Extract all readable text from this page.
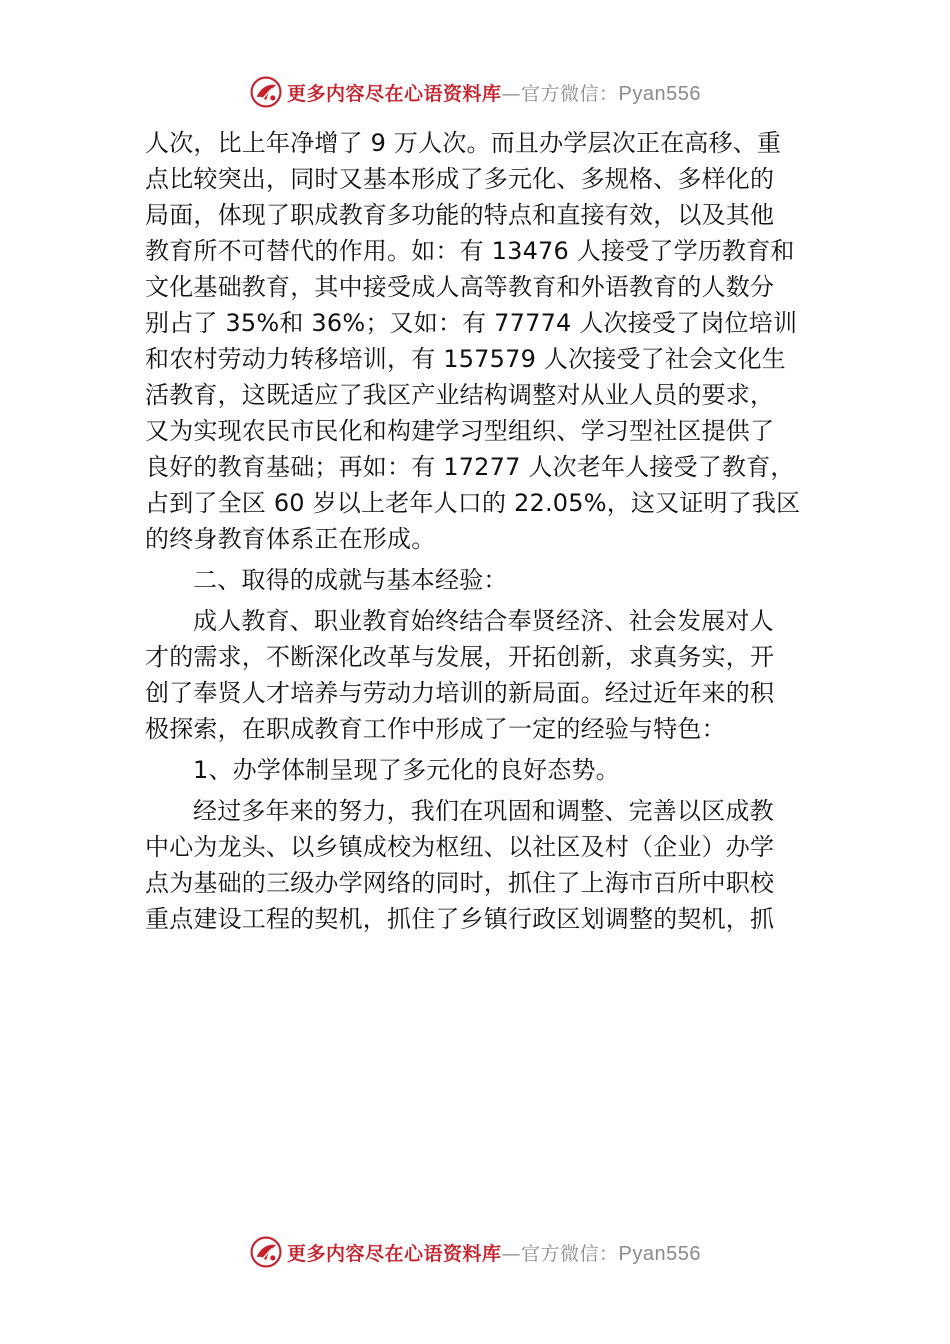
更多内容尽在心语资料库—官方微信：Pyan556
人次，比上年净增了 9 万人次。而且办学层次正在高移、重
点比较突出，同时又基本形成了多元化、多规格、多样化的
局面，体现了职成教育多功能的特点和直接有效，以及其他
教育所不可替代的作用。如：有 13476 人接受了学历教育和
文化基础教育，其中接受成人高等教育和外语教育的人数分
别占了 35%和 36%；又如：有 77774 人次接受了岗位培训
和农村劳动力转移培训，有 157579 人次接受了社会文化生
活教育，这既适应了我区产业结构调整对从业人员的要求，
又为实现农民市民化和构建学习型组织、学习型社区提供了
良好的教育基础；再如：有 17277 人次老年人接受了教育，
占到了全区 60 岁以上老年人口的 22.05%，这又证明了我区
的终身教育体系正在形成。
二、取得的成就与基本经验：
成人教育、职业教育始终结合奉贤经济、社会发展对人
才的需求，不断深化改革与发展，开拓创新，求真务实，开
创了奉贤人才培养与劳动力培训的新局面。经过近年来的积
极探索，在职成教育工作中形成了一定的经验与特色：
1、办学体制呈现了多元化的良好态势。
经过多年来的努力，我们在巩固和调整、完善以区成教
中心为龙头、以乡镇成校为枢纽、以社区及村（企业）办学
点为基础的三级办学网络的同时，抓住了上海市百所中职校
重点建设工程的契机，抓住了乡镇行政区划调整的契机，抓
更多内容尽在心语资料库—官方微信：Pyan556
